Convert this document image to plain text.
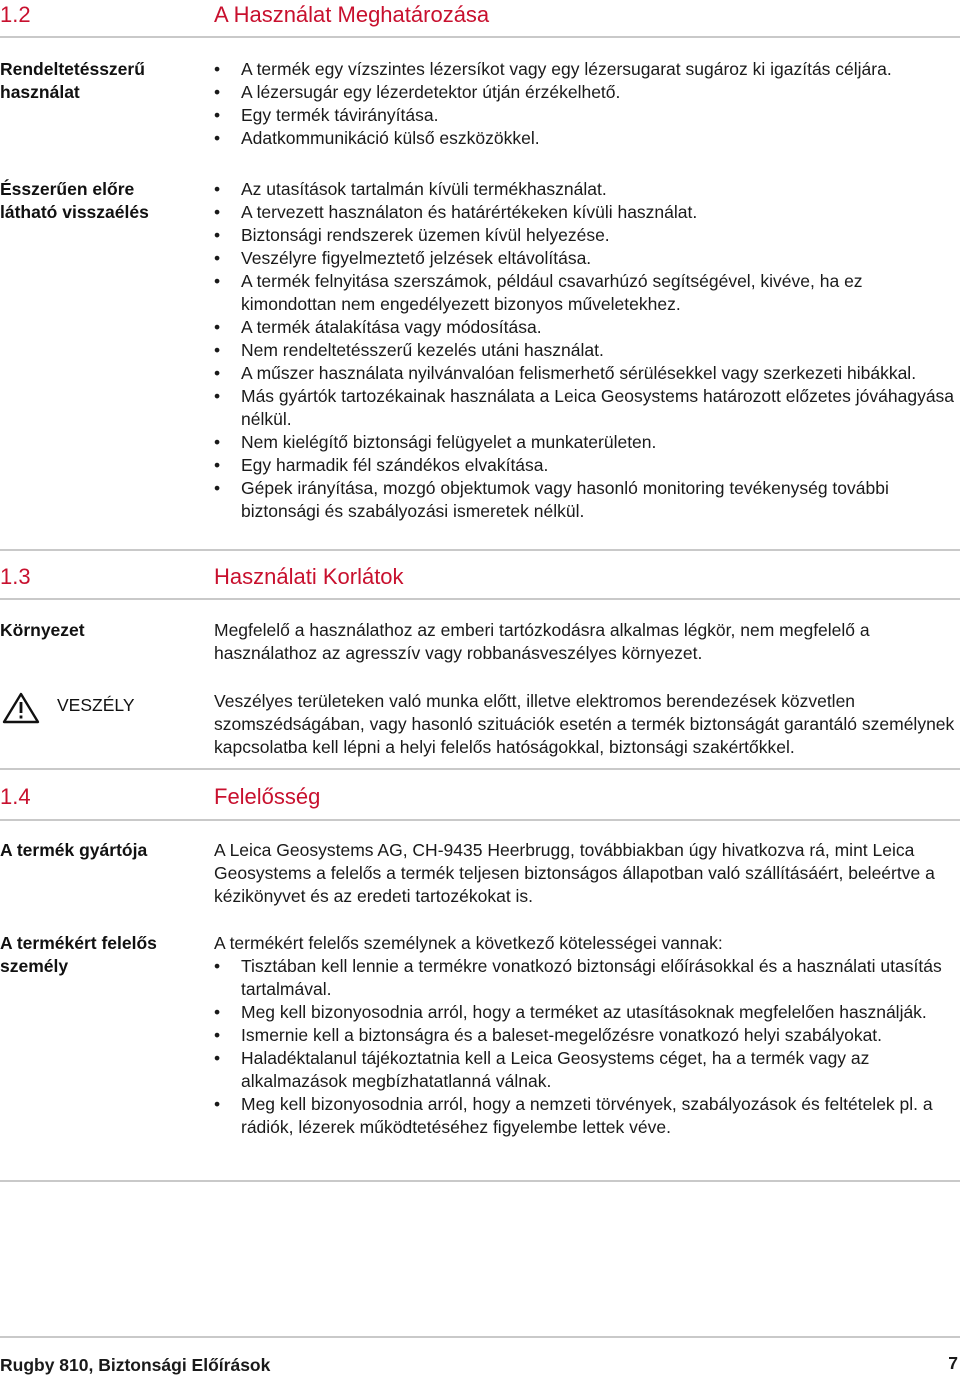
1.2	A Használat Meghatározása
Rendeltetésszerű
használat
• A termék egy vízszintes lézersíkot vagy egy lézersugarat sugároz ki igazítás céljára.
• A lézersugár egy lézerdetektor útján érzékelhető.
• Egy termék távirányítása.
• Adatkommunikáció külső eszközökkel.
Ésszerűen előre
látható visszaélés
• Az utasítások tartalmán kívüli termékhasználat.
• A tervezett használaton és határértékeken kívüli használat.
• Biztonsági rendszerek üzemen kívül helyezése.
• Veszélyre figyelmeztető jelzések eltávolítása.
• A termék felnyitása szerszámok, például csavarhúzó segítségével, kivéve, ha ez kimondottan nem engedélyezett bizonyos műveletekhez.
• A termék átalakítása vagy módosítása.
• Nem rendeltetésszerű kezelés utáni használat.
• A műszer használata nyilvánvalóan felismerhető sérülésekkel vagy szerkezeti hibákkal.
• Más gyártók tartozékainak használata a Leica Geosystems határozott előzetes jóváhagyása nélkül.
• Nem kielégítő biztonsági felügyelet a munkaterületen.
• Egy harmadik fél szándékos elvakítása.
• Gépek irányítása, mozgó objektumok vagy hasonló monitoring tevékenység további biztonsági és szabályozási ismeretek nélkül.
1.3	Használati Korlátok
Környezet	Megfelelő a használathoz az emberi tartózkodásra alkalmas légkör, nem megfelelő a használathoz az agresszív vagy robbanásveszélyes környezet.

VESZÉLY	Veszélyes területeken való munka előtt, illetve elektromos berendezések közvetlen szomszédságában, vagy hasonló szituációk esetén a termék biztonságát garantáló személynek kapcsolatba kell lépni a helyi felelős hatóságokkal, biztonsági szakértőkkel.

1.4	Felelősség
A termék gyártója	A Leica Geosystems AG, CH-9435 Heerbrugg, továbbiakban úgy hivatkozva rá, mint Leica Geosystems a felelős a termék teljesen biztonságos állapotban való szállításáért, beleértve a kézikönyvet és az eredeti tartozékokat is.

A termékért felelős
személy

A termékért felelős személynek a következő kötelességei vannak:

• Tisztában kell lennie a termékre vonatkozó biztonsági előírásokkal és a használati utasítás tartalmával.
• Meg kell bizonyosodnia arról, hogy a terméket az utasításoknak megfelelően használják.
• Ismernie kell a biztonságra és a baleset-megelőzésre vonatkozó helyi szabályokat.
• Haladéktalanul tájékoztatnia kell a Leica Geosystems céget, ha a termék vagy az alkalmazások megbízhatatlanná válnak.
• Meg kell bizonyosodnia arról, hogy a nemzeti törvények, szabályozások és feltételek pl. a rádiók, lézerek működtetéséhez figyelembe lettek véve.
Rugby 810, Biztonsági Előírások	7
